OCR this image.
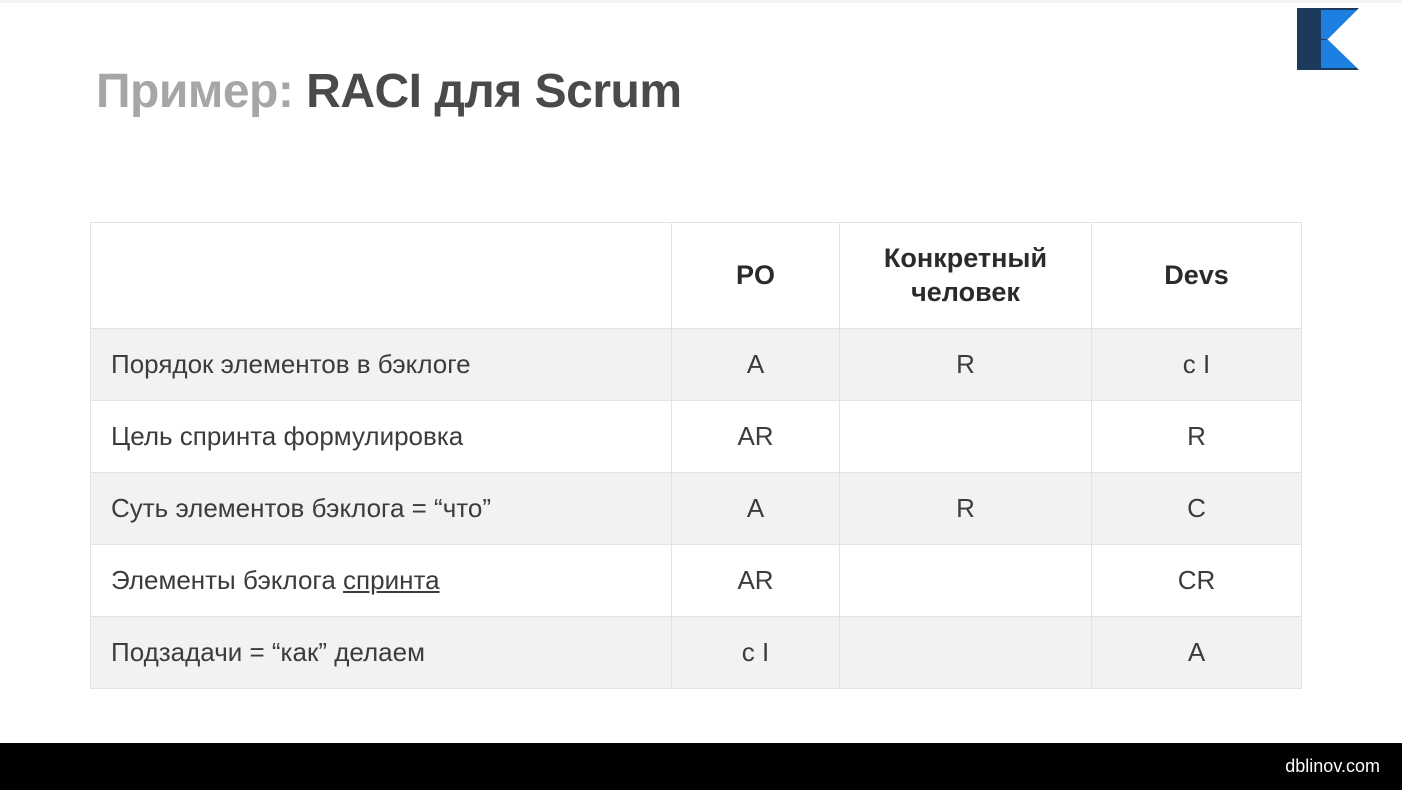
dblinov.com
Пример: RACI для Scrum
	PO	Конкретный человек	Devs
Порядок элементов в бэклоге	A	R	c I
Цель спринта формулировка	AR		R
Суть элементов бэклога = “что”	A	R	C
Элементы бэклога спринта	AR		CR
Подзадачи = “как” делаем	c I		A
dblinov.com
